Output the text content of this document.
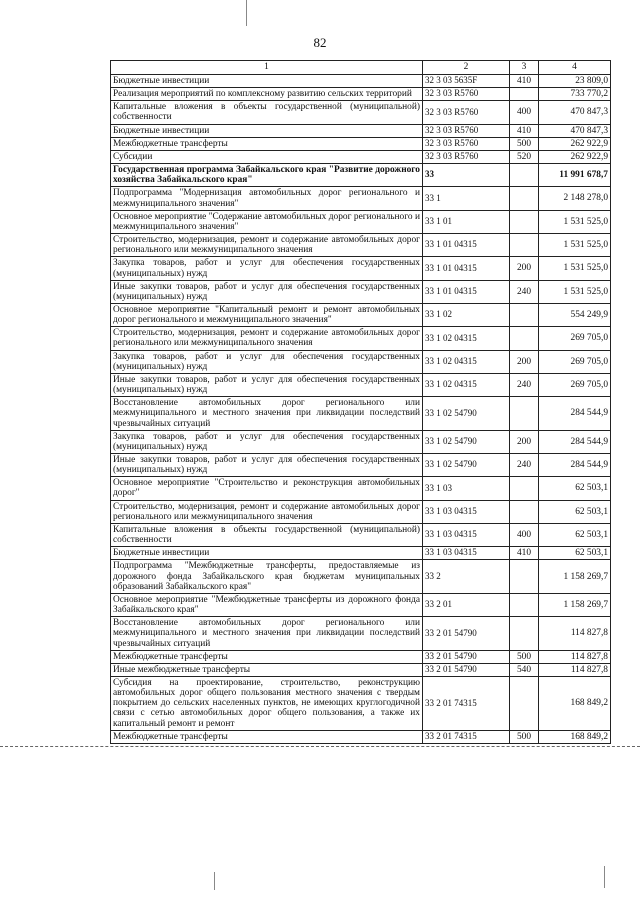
82
1	2	3	4
Бюджетные инвестиции	32 3 03 5635F	410	23 809,0
Реализация мероприятий по комплексному развитию сельских территорий	32 3 03 R5760		733 770,2
Капитальные вложения в объекты государственной (муниципальной) собственности	32 3 03 R5760	400	470 847,3
Бюджетные инвестиции	32 3 03 R5760	410	470 847,3
Межбюджетные трансферты	32 3 03 R5760	500	262 922,9
Субсидии	32 3 03 R5760	520	262 922,9
Государственная программа Забайкальского края "Развитие дорожного хозяйства Забайкальского края"	33		11 991 678,7
Подпрограмма "Модернизация автомобильных дорог регионального и межмуниципального значения"	33 1		2 148 278,0
Основное мероприятие "Содержание автомобильных дорог регионального и межмуниципального значения"	33 1 01		1 531 525,0
Строительство, модернизация, ремонт и содержание автомобильных дорог регионального или межмуниципального значения	33 1 01 04315		1 531 525,0
Закупка товаров, работ и услуг для обеспечения государственных (муниципальных) нужд	33 1 01 04315	200	1 531 525,0
Иные закупки товаров, работ и услуг для обеспечения государственных (муниципальных) нужд	33 1 01 04315	240	1 531 525,0
Основное мероприятие "Капитальный ремонт и ремонт автомобильных дорог регионального и межмуниципального значения"	33 1 02		554 249,9
Строительство, модернизация, ремонт и содержание автомобильных дорог регионального или межмуниципального значения	33 1 02 04315		269 705,0
Закупка товаров, работ и услуг для обеспечения государственных (муниципальных) нужд	33 1 02 04315	200	269 705,0
Иные закупки товаров, работ и услуг для обеспечения государственных (муниципальных) нужд	33 1 02 04315	240	269 705,0
Восстановление автомобильных дорог регионального или межмуниципального и местного значения при ликвидации последствий чрезвычайных ситуаций	33 1 02 54790		284 544,9
Закупка товаров, работ и услуг для обеспечения государственных (муниципальных) нужд	33 1 02 54790	200	284 544,9
Иные закупки товаров, работ и услуг для обеспечения государственных (муниципальных) нужд	33 1 02 54790	240	284 544,9
Основное мероприятие "Строительство и реконструкция автомобильных дорог"	33 1 03		62 503,1
Строительство, модернизация, ремонт и содержание автомобильных дорог регионального или межмуниципального значения	33 1 03 04315		62 503,1
Капитальные вложения в объекты государственной (муниципальной) собственности	33 1 03 04315	400	62 503,1
Бюджетные инвестиции	33 1 03 04315	410	62 503,1
Подпрограмма "Межбюджетные трансферты, предоставляемые из дорожного фонда Забайкальского края бюджетам муниципальных образований Забайкальского края"	33 2		1 158 269,7
Основное мероприятие "Межбюджетные трансферты из дорожного фонда Забайкальского края"	33 2 01		1 158 269,7
Восстановление автомобильных дорог регионального или межмуниципального и местного значения при ликвидации последствий чрезвычайных ситуаций	33 2 01 54790		114 827,8
Межбюджетные трансферты	33 2 01 54790	500	114 827,8
Иные межбюджетные трансферты	33 2 01 54790	540	114 827,8
Субсидия на проектирование, строительство, реконструкцию автомобильных дорог общего пользования местного значения с твердым покрытием до сельских населенных пунктов, не имеющих круглогодичной связи с сетью автомобильных дорог общего пользования, а также их капитальный ремонт и ремонт	33 2 01 74315		168 849,2
Межбюджетные трансферты	33 2 01 74315	500	168 849,2
